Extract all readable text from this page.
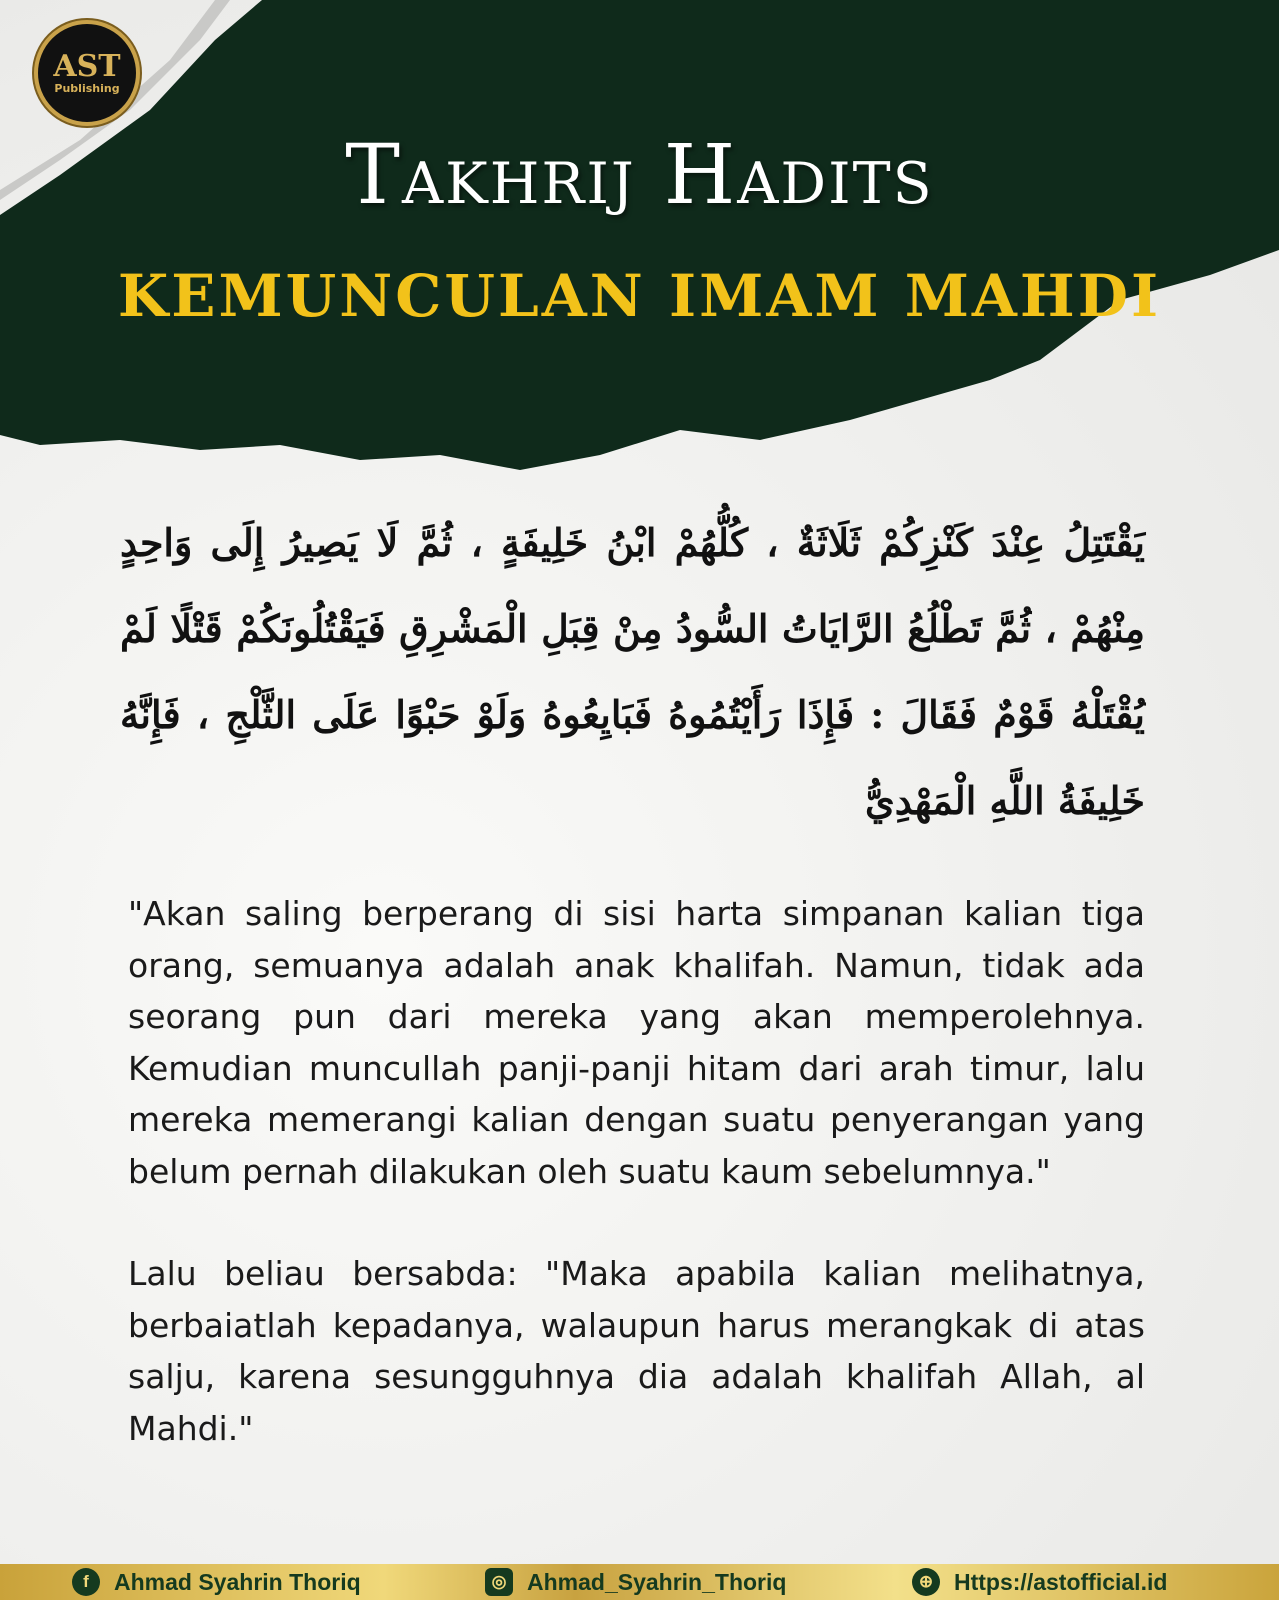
AST
Publishing
Takhrij Hadits
KEMUNCULAN IMAM MAHDI
يَقْتَتِلُ عِنْدَ كَنْزِكُمْ ثَلَاثَةٌ ، كُلُّهُمْ ابْنُ خَلِيفَةٍ ، ثُمَّ لَا يَصِيرُ إِلَى وَاحِدٍ مِنْهُمْ ، ثُمَّ تَطْلُعُ الرَّايَاتُ السُّودُ مِنْ قِبَلِ الْمَشْرِقِ فَيَقْتُلُونَكُمْ قَتْلًا لَمْ يُقْتَلْهُ قَوْمٌ فَقَالَ : فَإِذَا رَأَيْتُمُوهُ فَبَايِعُوهُ وَلَوْ حَبْوًا عَلَى الثَّلْجِ ، فَإِنَّهُ خَلِيفَةُ اللَّهِ الْمَهْدِيُّ

"Akan saling berperang di sisi harta simpanan kalian tiga orang, semuanya adalah anak khalifah. Namun, tidak ada seorang pun dari mereka yang akan memperolehnya. Kemudian muncullah panji-panji hitam dari arah timur, lalu mereka memerangi kalian dengan suatu penyerangan yang belum pernah dilakukan oleh suatu kaum sebelumnya."

Lalu beliau bersabda: "Maka apabila kalian melihatnya, berbaiatlah kepadanya, walaupun harus merangkak di atas salju, karena sesungguhnya dia adalah khalifah Allah, al Mahdi."

f	Ahmad Syahrin Thoriq	◎ Ahmad_Syahrin_Thoriq	⊕ Https://astofficial.id
